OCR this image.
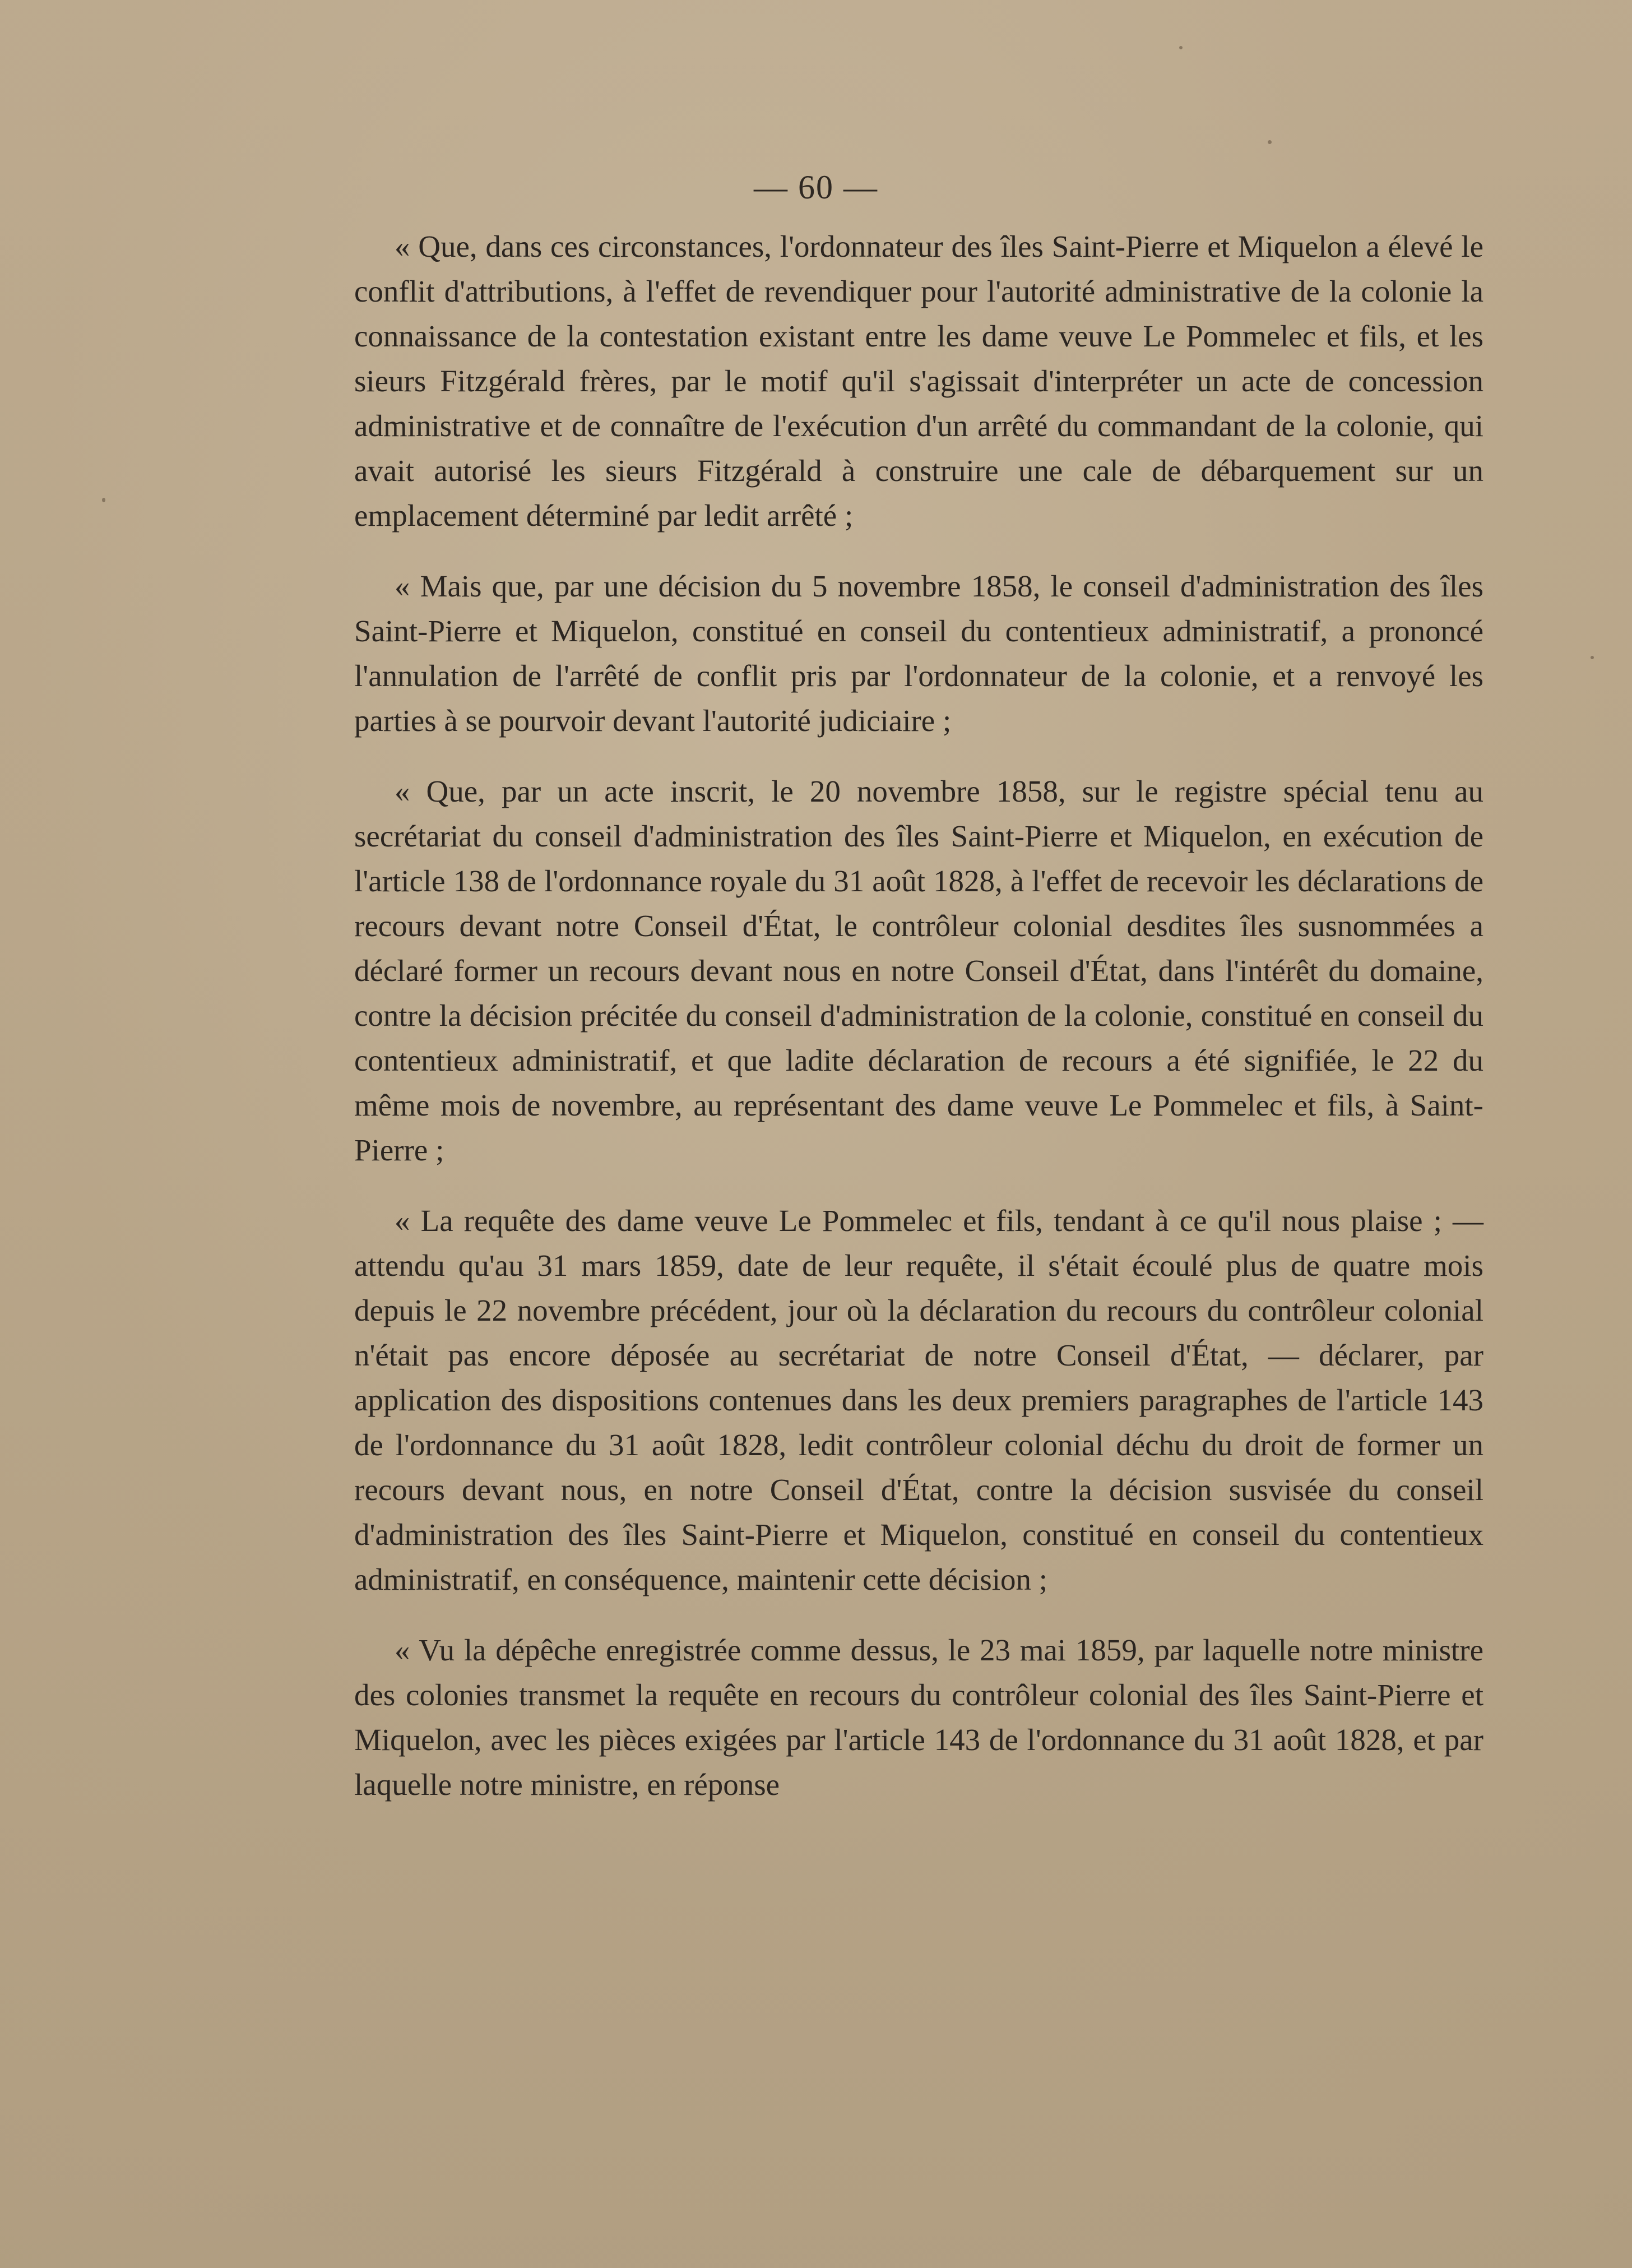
— 60 —

« Que, dans ces circonstances, l'ordonnateur des îles Saint-Pierre et Miquelon a élevé le conflit d'attributions, à l'effet de revendiquer pour l'autorité administrative de la colonie la connaissance de la contestation existant entre les dame veuve Le Pommelec et fils, et les sieurs Fitzgérald frères, par le motif qu'il s'agissait d'interpréter un acte de concession administrative et de connaître de l'exécution d'un arrêté du commandant de la colonie, qui avait autorisé les sieurs Fitzgérald à construire une cale de débarquement sur un emplacement déterminé par ledit arrêté ;

« Mais que, par une décision du 5 novembre 1858, le conseil d'administration des îles Saint-Pierre et Miquelon, constitué en conseil du contentieux administratif, a prononcé l'annulation de l'arrêté de conflit pris par l'ordonnateur de la colonie, et a renvoyé les parties à se pourvoir devant l'autorité judiciaire ;

« Que, par un acte inscrit, le 20 novembre 1858, sur le registre spécial tenu au secrétariat du conseil d'administration des îles Saint-Pierre et Miquelon, en exécution de l'article 138 de l'ordonnance royale du 31 août 1828, à l'effet de recevoir les déclarations de recours devant notre Conseil d'État, le contrôleur colonial desdites îles susnommées a déclaré former un recours devant nous en notre Conseil d'État, dans l'intérêt du domaine, contre la décision précitée du conseil d'administration de la colonie, constitué en conseil du contentieux administratif, et que ladite déclaration de recours a été signifiée, le 22 du même mois de novembre, au représentant des dame veuve Le Pommelec et fils, à Saint-Pierre ;

« La requête des dame veuve Le Pommelec et fils, tendant à ce qu'il nous plaise ; — attendu qu'au 31 mars 1859, date de leur requête, il s'était écoulé plus de quatre mois depuis le 22 novembre précédent, jour où la déclaration du recours du contrôleur colonial n'était pas encore déposée au secrétariat de notre Conseil d'État, — déclarer, par application des dispositions contenues dans les deux premiers paragraphes de l'article 143 de l'ordonnance du 31 août 1828, ledit contrôleur colonial déchu du droit de former un recours devant nous, en notre Conseil d'État, contre la décision susvisée du conseil d'administration des îles Saint-Pierre et Miquelon, constitué en conseil du contentieux administratif, en conséquence, maintenir cette décision ;

« Vu la dépêche enregistrée comme dessus, le 23 mai 1859, par laquelle notre ministre des colonies transmet la requête en recours du contrôleur colonial des îles Saint-Pierre et Miquelon, avec les pièces exigées par l'article 143 de l'ordonnance du 31 août 1828, et par laquelle notre ministre, en réponse
